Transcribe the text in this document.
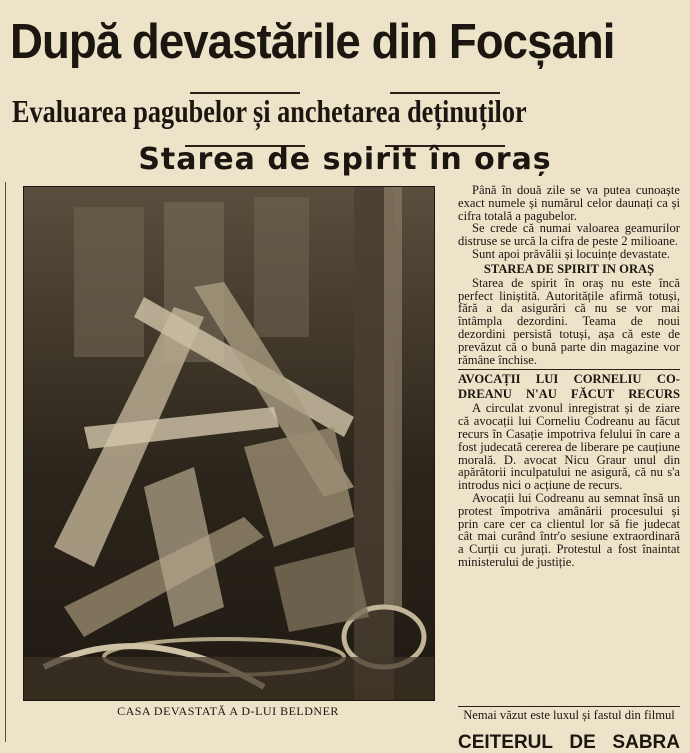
După devastările din Focșani
Evaluarea pagubelor și anchetarea deținuților
Starea de spirit în oraș
CASA DEVASTATĂ A D-LUI BELDNER

Până în două zile se va putea cunoaște exact numele și numărul celor daunați ca și cifra totală a pagubelor.

Se crede că numai valoarea geamurilor distruse se urcă la cifra de peste 2 milioane.

Sunt apoi prăvălii și locuințe devastate.

STAREA DE SPIRIT IN ORAȘ

Starea de spirit în oraș nu este încă perfect liniștită. Autoritățile afirmă totuși, fără a da asigurări că nu se vor mai întâmpla dezordini. Teama de noui dezordini persistă totuși, așa că este de prevăzut că o bună parte din magazine vor rămâne închise.

AVOCAȚII LUI CORNELIU CO-
DREANU N'AU FĂCUT RECURS

A circulat zvonul inregistrat și de ziare că avocații lui Corneliu Codreanu au făcut recurs în Casație impotriva felului în care a fost judecată cererea de liberare pe cauțiune morală. D. avocat Nicu Graur unul din apărătorii inculpatului ne asigură, că nu s'a introdus nici o acțiune de recurs.

Avocații lui Codreanu au semnat însă un protest împotriva amânării procesului și prin care cer ca clientul lor să fie judecat cât mai curând într'o sesiune extraordinară a Curții cu jurați. Protestul a fost înaintat ministerului de justiție.

Nemai văzut este luxul și fastul din filmul
CEITERUL DE SABRA
